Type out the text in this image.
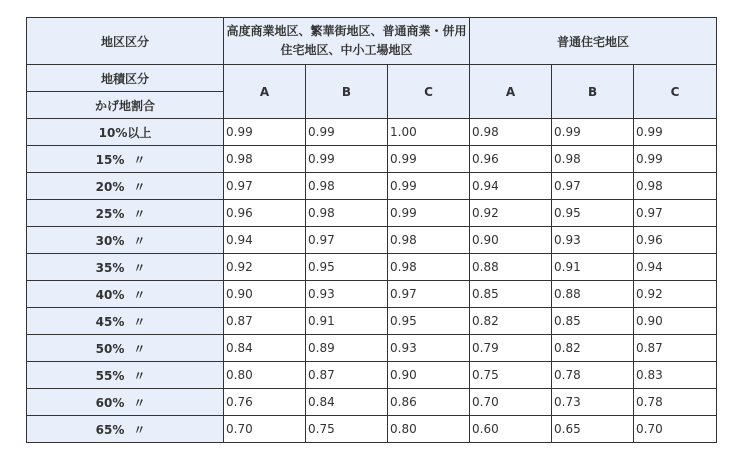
地区区分	高度商業地区、繁華街地区、普通商業・併用住宅地区、中小工場地区			普通住宅地区		
地積区分	A	B	C	A	B	C
かげ地割合						
10%以上	0.99	0.99	1.00	0.98	0.99	0.99
15% 〃	0.98	0.99	0.99	0.96	0.98	0.99
20% 〃	0.97	0.98	0.99	0.94	0.97	0.98
25% 〃	0.96	0.98	0.99	0.92	0.95	0.97
30% 〃	0.94	0.97	0.98	0.90	0.93	0.96
35% 〃	0.92	0.95	0.98	0.88	0.91	0.94
40% 〃	0.90	0.93	0.97	0.85	0.88	0.92
45% 〃	0.87	0.91	0.95	0.82	0.85	0.90
50% 〃	0.84	0.89	0.93	0.79	0.82	0.87
55% 〃	0.80	0.87	0.90	0.75	0.78	0.83
60% 〃	0.76	0.84	0.86	0.70	0.73	0.78
65% 〃	0.70	0.75	0.80	0.60	0.65	0.70
